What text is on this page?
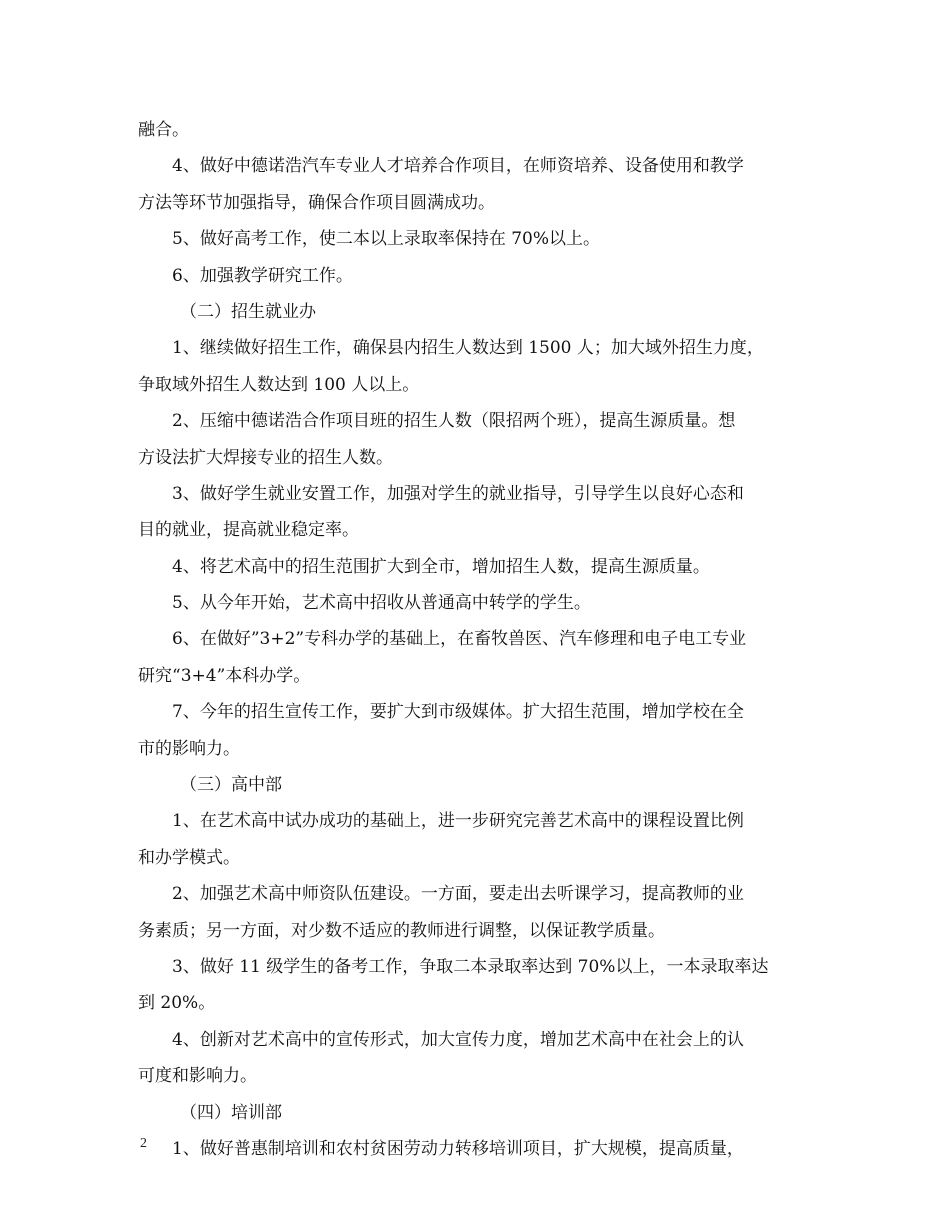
融合。
4、做好中德诺浩汽车专业人才培养合作项目，在师资培养、设备使用和教学
方法等环节加强指导，确保合作项目圆满成功。
5、做好高考工作，使二本以上录取率保持在 70%以上。
6、加强教学研究工作。
（二）招生就业办
1、继续做好招生工作，确保县内招生人数达到 1500 人；加大域外招生力度，
争取域外招生人数达到 100 人以上。
2、压缩中德诺浩合作项目班的招生人数（限招两个班），提高生源质量。想
方设法扩大焊接专业的招生人数。
3、做好学生就业安置工作，加强对学生的就业指导，引导学生以良好心态和
目的就业，提高就业稳定率。
4、将艺术高中的招生范围扩大到全市，增加招生人数，提高生源质量。
5、从今年开始，艺术高中招收从普通高中转学的学生。
6、在做好”3+2”专科办学的基础上，在畜牧兽医、汽车修理和电子电工专业
研究“3+4”本科办学。
7、今年的招生宣传工作，要扩大到市级媒体。扩大招生范围，增加学校在全
市的影响力。
（三）高中部
1、在艺术高中试办成功的基础上，进一步研究完善艺术高中的课程设置比例
和办学模式。
2、加强艺术高中师资队伍建设。一方面，要走出去听课学习，提高教师的业
务素质；另一方面，对少数不适应的教师进行调整，以保证教学质量。
3、做好 11 级学生的备考工作，争取二本录取率达到 70%以上，一本录取率达
到 20%。
4、创新对艺术高中的宣传形式，加大宣传力度，增加艺术高中在社会上的认
可度和影响力。
（四）培训部
1、做好普惠制培训和农村贫困劳动力转移培训项目，扩大规模，提高质量，
2
